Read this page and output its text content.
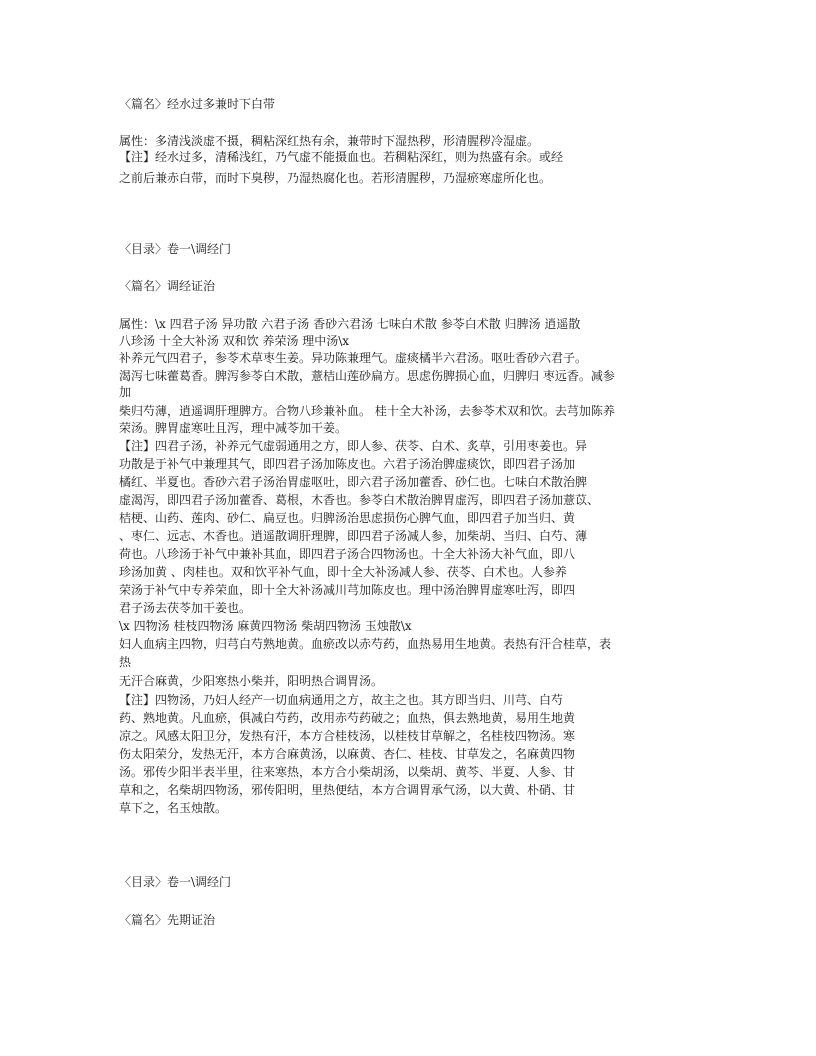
〈篇名〉经水过多兼时下白带
属性：多清浅淡虚不摄，稠粘深红热有余，兼带时下湿热秽，形清腥秽冷湿虚。
【注】经水过多，清稀浅红，乃气虚不能摄血也。若稠粘深红，则为热盛有余。或经
之前后兼赤白带，而时下臭秽，乃湿热腐化也。若形清腥秽，乃湿瘀寒虚所化也。
〈目录〉卷一\调经门
〈篇名〉调经证治
属性：\x 四君子汤 异功散 六君子汤 香砂六君汤 七味白术散 参苓白术散 归脾汤 逍遥散
八珍汤 十全大补汤 双和饮 养荣汤 理中汤\x
补养元气四君子，参苓术草枣生姜。异功陈兼理气。虚痰橘半六君汤。呕吐香砂六君子。
渴泻七味藿葛香。脾泻参苓白术散，薏桔山莲砂扁方。思虑伤脾损心血，归脾归 枣远香。减参
加
柴归芍薄，逍遥调肝理脾方。合物八珍兼补血。 桂十全大补汤，去参苓术双和饮。去芎加陈养
荣汤。脾胃虚寒吐且泻，理中减苓加干姜。
【注】四君子汤，补养元气虚弱通用之方，即人参、茯苓、白术、炙草，引用枣姜也。异
功散是于补气中兼理其气，即四君子汤加陈皮也。六君子汤治脾虚痰饮，即四君子汤加
橘红、半夏也。香砂六君子汤治胃虚呕吐，即六君子汤加藿香、砂仁也。七味白术散治脾
虚渴泻，即四君子汤加藿香、葛根，木香也。参苓白术散治脾胃虚泻，即四君子汤加薏苡、
桔梗、山药、莲肉、砂仁、扁豆也。归脾汤治思虑损伤心脾气血，即四君子加当归、黄
、枣仁、远志、木香也。逍遥散调肝理脾，即四君子汤减人参，加柴胡、当归、白芍、薄
荷也。八珍汤于补气中兼补其血，即四君子汤合四物汤也。十全大补汤大补气血，即八
珍汤加黄 、肉桂也。双和饮平补气血，即十全大补汤减人参、茯苓、白术也。人参养
荣汤于补气中专养荣血，即十全大补汤减川芎加陈皮也。理中汤治脾胃虚寒吐泻，即四
君子汤去茯苓加干姜也。
\x 四物汤 桂枝四物汤 麻黄四物汤 柴胡四物汤 玉烛散\x
妇人血病主四物，归芎白芍熟地黄。血瘀改以赤芍药，血热易用生地黄。表热有汗合桂草，表
热
无汗合麻黄，少阳寒热小柴并，阳明热合调胃汤。
【注】四物汤，乃妇人经产一切血病通用之方，故主之也。其方即当归、川芎、白芍
药、熟地黄。凡血瘀，俱减白芍药，改用赤芍药破之；血热，俱去熟地黄，易用生地黄
凉之。风感太阳卫分，发热有汗，本方合桂枝汤，以桂枝甘草解之，名桂枝四物汤。寒
伤太阳荣分，发热无汗，本方合麻黄汤，以麻黄、杏仁、桂枝、甘草发之，名麻黄四物
汤。邪传少阳半表半里，往来寒热，本方合小柴胡汤，以柴胡、黄芩、半夏、人参、甘
草和之，名柴胡四物汤，邪传阳明，里热便结，本方合调胃承气汤，以大黄、朴硝、甘
草下之，名玉烛散。
〈目录〉卷一\调经门
〈篇名〉先期证治
